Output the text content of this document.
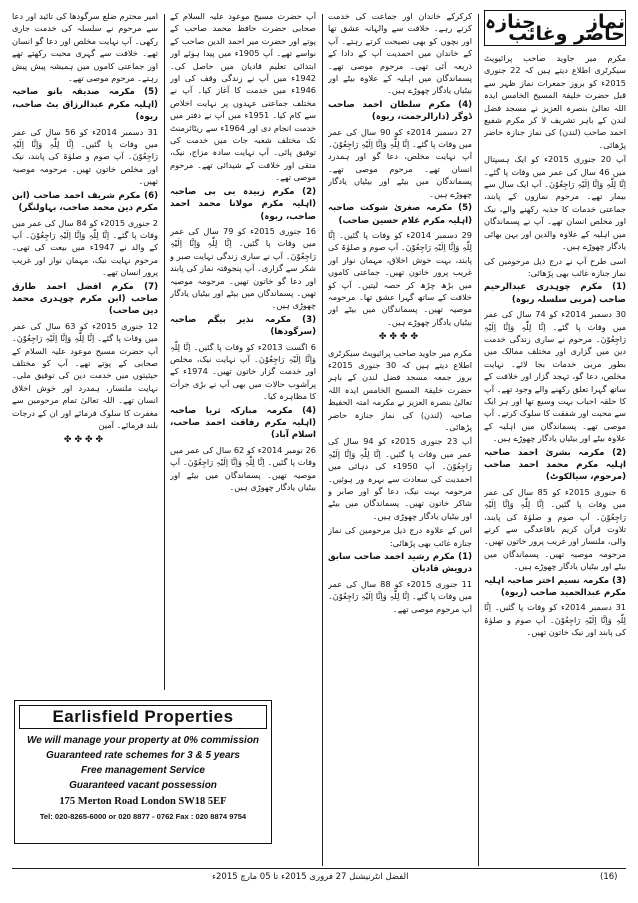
نماز جنازہ حاضر وغائب

مکرم میر جاوید صاحب پرائیویٹ سیکرٹری اطلاع دیتے ہیں کہ 22 جنوری 2015ء کو بروز جمعرات نماز ظہر سے قبل حضرت خلیفۃ المسیح الخامس ایدہ اللہ تعالیٰ بنصرہ العزیز نے مسجد فضل لندن کے باہر تشریف لا کر مکرم شفیع احمد صاحب (لندن) کی نماز جنازہ حاضر پڑھائی۔

آپ 20 جنوری 2015ء کو ایک ہسپتال میں 46 سال کی عمر میں وفات پا گئے۔ اِنَّا لِلّٰہِ وَاِنَّا اِلَیْہِ رَاجِعُوْنَ۔ آپ ایک سال سے بیمار تھے۔ مرحوم نمازوں کے پابند، جماعتی خدمات کا جذبہ رکھنے والے، نیک اور مخلص انسان تھے۔ آپ نے پسماندگان میں اہلیہ کے علاوہ والدین اور بہن بھائی یادگار چھوڑے ہیں۔

اسی طرح آپ نے درج ذیل مرحومین کی نماز جنازہ غائب بھی پڑھائی:

(1) مکرم چوہدری عبدالرحیم صاحب (مربی سلسلہ ربوہ)

30 دسمبر 2014ء کو 74 سال کی عمر میں وفات پا گئے۔ اِنَّا لِلّٰہِ وَاِنَّا اِلَیْہِ رَاجِعُوْنَ۔ مرحوم نے ساری زندگی خدمت دین میں گزاری اور مختلف ممالک میں بطور مربی خدمات بجا لائے۔ نہایت مخلص، دعا گو، تہجد گزار اور خلافت کے ساتھ گہرا تعلق رکھنے والے وجود تھے۔ آپ کا حلقہ احباب بہت وسیع تھا اور ہر ایک سے محبت اور شفقت کا سلوک کرتے۔ آپ موصی تھے۔ پسماندگان میں اہلیہ کے علاوہ بیٹے اور بیٹیاں یادگار چھوڑے ہیں۔

(2) مکرمہ بشریٰ احمد صاحبہ اہلیہ مکرم محمد احمد صاحب (مرحوم، سیالکوٹ)

6 جنوری 2015ء کو 85 سال کی عمر میں وفات پا گئیں۔ اِنَّا لِلّٰہِ وَاِنَّا اِلَیْہِ رَاجِعُوْنَ۔ آپ صوم و صلوٰۃ کی پابند، تلاوت قرآن کریم باقاعدگی سے کرنے والی، ملنسار اور غریب پرور خاتون تھیں۔ مرحومہ موصیہ تھیں۔ پسماندگان میں بیٹے اور بیٹیاں یادگار چھوڑے ہیں۔

(3) مکرمہ نسیم اختر صاحبہ اہلیہ مکرم عبدالحمید صاحب (ربوہ)

31 دسمبر 2014ء کو وفات پا گئیں۔ اِنَّا لِلّٰہِ وَاِنَّا اِلَیْہِ رَاجِعُوْنَ۔ آپ صوم و صلوٰۃ کی پابند اور نیک خاتون تھیں۔

کرکرکے خاندان اور جماعت کی خدمت کرتے رہے۔ خلافت سے والہانہ عشق تھا اور بچوں کو بھی نصیحت کرتے رہتے۔ آپ کے خاندان میں احمدیت آپ کے دادا کے ذریعہ آئی تھی۔ مرحوم موصی تھے۔ پسماندگان میں اہلیہ کے علاوہ بیٹے اور بیٹیاں یادگار چھوڑے ہیں۔

(4) مکرم سلطان احمد صاحب ڈوگر (دارالرحمت، ربوہ)

27 دسمبر 2014ء کو 90 سال کی عمر میں وفات پا گئے۔ اِنَّا لِلّٰہِ وَاِنَّا اِلَیْہِ رَاجِعُوْنَ۔ آپ نہایت مخلص، دعا گو اور ہمدرد انسان تھے۔ مرحوم موصی تھے۔ پسماندگان میں بیٹے اور بیٹیاں یادگار چھوڑے ہیں۔

(5) مکرمہ صغریٰ شوکت صاحبہ (اہلیہ مکرم غلام حسین صاحب)

29 دسمبر 2014ء کو وفات پا گئیں۔ اِنَّا لِلّٰہِ وَاِنَّا اِلَیْہِ رَاجِعُوْنَ۔ آپ صوم و صلوٰۃ کی پابند، بہت خوش اخلاق، مہمان نواز اور غریب پرور خاتون تھیں۔ جماعتی کاموں میں بڑھ چڑھ کر حصہ لیتیں۔ آپ کو خلافت کے ساتھ گہرا عشق تھا۔ مرحومہ موصیہ تھیں۔ پسماندگان میں بیٹے اور بیٹیاں یادگار چھوڑے ہیں۔

✤✤✤✤

مکرم میر جاوید صاحب پرائیویٹ سیکرٹری اطلاع دیتے ہیں کہ 30 جنوری 2015ء بروز جمعہ مسجد فضل لندن کے باہر حضرت خلیفۃ المسیح الخامس ایدہ اللہ تعالیٰ بنصرہ العزیز نے مکرمہ امتہ الحفیظ صاحبہ (لندن) کی نماز جنازہ حاضر پڑھائی۔

آپ 23 جنوری 2015ء کو 94 سال کی عمر میں وفات پا گئیں۔ اِنَّا لِلّٰہِ وَاِنَّا اِلَیْہِ رَاجِعُوْنَ۔ آپ 1950ء کی دہائی میں احمدیت کی سعادت سے بہرہ ور ہوئیں۔ مرحومہ بہت نیک، دعا گو اور صابر و شاکر خاتون تھیں۔ پسماندگان میں بیٹے اور بیٹیاں یادگار چھوڑی ہیں۔

اس کے علاوہ درج ذیل مرحومین کی نماز جنازہ غائب بھی پڑھائی:

(1) مکرم رشید احمد صاحب سابق درویش قادیان

11 جنوری 2015ء کو 88 سال کی عمر میں وفات پا گئے۔ اِنَّا لِلّٰہِ وَاِنَّا اِلَیْہِ رَاجِعُوْنَ۔ آپ مرحوم موصی تھے۔

آپ حضرت مسیح موعود علیہ السلام کے صحابی حضرت حافظ محمد صاحب کے پوتے اور حضرت میر احمد الدین صاحب کے نواسے تھے۔ آپ 1905ء میں پیدا ہوئے اور ابتدائی تعلیم قادیان میں حاصل کی۔ 1942ء میں آپ نے زندگی وقف کی اور 1946ء میں خدمت کا آغاز کیا۔ آپ نے مختلف جماعتی عہدوں پر نہایت اخلاص سے کام کیا۔ 1951ء میں آپ نے دفتر میں خدمت انجام دی اور 1964ء سے ریٹائرمنٹ تک مختلف شعبہ جات میں خدمت کی توفیق پائی۔ آپ نہایت سادہ مزاج، نیک، متقی اور خلافت کے شیدائی تھے۔ مرحوم موصی تھے۔

(2) مکرم زبیدہ بی بی صاحبہ (اہلیہ مکرم مولانا محمد احمد صاحب، ربوہ)

16 جنوری 2015ء کو 79 سال کی عمر میں وفات پا گئیں۔ اِنَّا لِلّٰہِ وَاِنَّا اِلَیْہِ رَاجِعُوْنَ۔ آپ نے ساری زندگی نہایت صبر و شکر سے گزاری۔ آپ پنجوقتہ نماز کی پابند اور دعا گو خاتون تھیں۔ مرحومہ موصیہ تھیں۔ پسماندگان میں بیٹے اور بیٹیاں یادگار چھوڑی ہیں۔

(3) مکرمہ نذیر بیگم صاحبہ (سرگودھا)

6 اگست 2013ء کو وفات پا گئیں۔ اِنَّا لِلّٰہِ وَاِنَّا اِلَیْہِ رَاجِعُوْنَ۔ آپ نہایت نیک، مخلص اور خدمت گزار خاتون تھیں۔ 1974ء کے پرآشوب حالات میں بھی آپ نے بڑی جرأت کا مظاہرہ کیا۔

(4) مکرمہ مبارکہ ثریا صاحبہ (اہلیہ مکرم رفاقت احمد صاحب، اسلام آباد)

26 نومبر 2014ء کو 62 سال کی عمر میں وفات پا گئیں۔ اِنَّا لِلّٰہِ وَاِنَّا اِلَیْہِ رَاجِعُوْنَ۔ آپ موصیہ تھیں۔ پسماندگان میں بیٹے اور بیٹیاں یادگار چھوڑی ہیں۔

امیر محترم ضلع سرگودھا کی تائید اور دعا سے مرحوم نے سلسلہ کی خدمت جاری رکھی۔ آپ نہایت مخلص اور دعا گو انسان تھے۔ خلافت سے گہری محبت رکھتے تھے اور جماعتی کاموں میں ہمیشہ پیش پیش رہتے۔ مرحوم موصی تھے۔

(5) مکرمہ صدیقہ بانو صاحبہ (اہلیہ مکرم عبدالرزاق بٹ صاحب، ربوہ)

31 دسمبر 2014ء کو 56 سال کی عمر میں وفات پا گئیں۔ اِنَّا لِلّٰہِ وَاِنَّا اِلَیْہِ رَاجِعُوْنَ۔ آپ صوم و صلوٰۃ کی پابند، نیک اور مخلص خاتون تھیں۔ مرحومہ موصیہ تھیں۔

(6) مکرم شریف احمد صاحب (ابن مکرم دین محمد صاحب، بہاولنگر)

2 جنوری 2015ء کو 84 سال کی عمر میں وفات پا گئے۔ اِنَّا لِلّٰہِ وَاِنَّا اِلَیْہِ رَاجِعُوْنَ۔ آپ کے والد نے 1947ء میں بیعت کی تھی۔ مرحوم نہایت نیک، مہمان نواز اور غریب پرور انسان تھے۔

(7) مکرم افضل احمد طارق صاحب (ابن مکرم چوہدری محمد دین صاحب)

12 جنوری 2015ء کو 63 سال کی عمر میں وفات پا گئے۔ اِنَّا لِلّٰہِ وَاِنَّا اِلَیْہِ رَاجِعُوْنَ۔ آپ حضرت مسیح موعود علیہ السلام کے صحابی کے پوتے تھے۔ آپ کو مختلف حیثیتوں میں خدمت دین کی توفیق ملی۔ نہایت ملنسار، ہمدرد اور خوش اخلاق انسان تھے۔ اللہ تعالیٰ تمام مرحومین سے مغفرت کا سلوک فرمائے اور ان کے درجات بلند فرمائے۔ آمین

✤✤✤✤
Earlisfield Properties
We will manage your property at 0% commission
Guaranteed rate schemes for 3 & 5 years
Free management Service
Guaranteed vacant possession
175 Merton Road London SW18 5EF
Tel: 020-8265-6000 or 020 8877 - 0762 Fax : 020 8874 9754
الفضل انٹرنیشنل 27 فروری 2015ء تا 05 مارچ 2015ء	(16)
